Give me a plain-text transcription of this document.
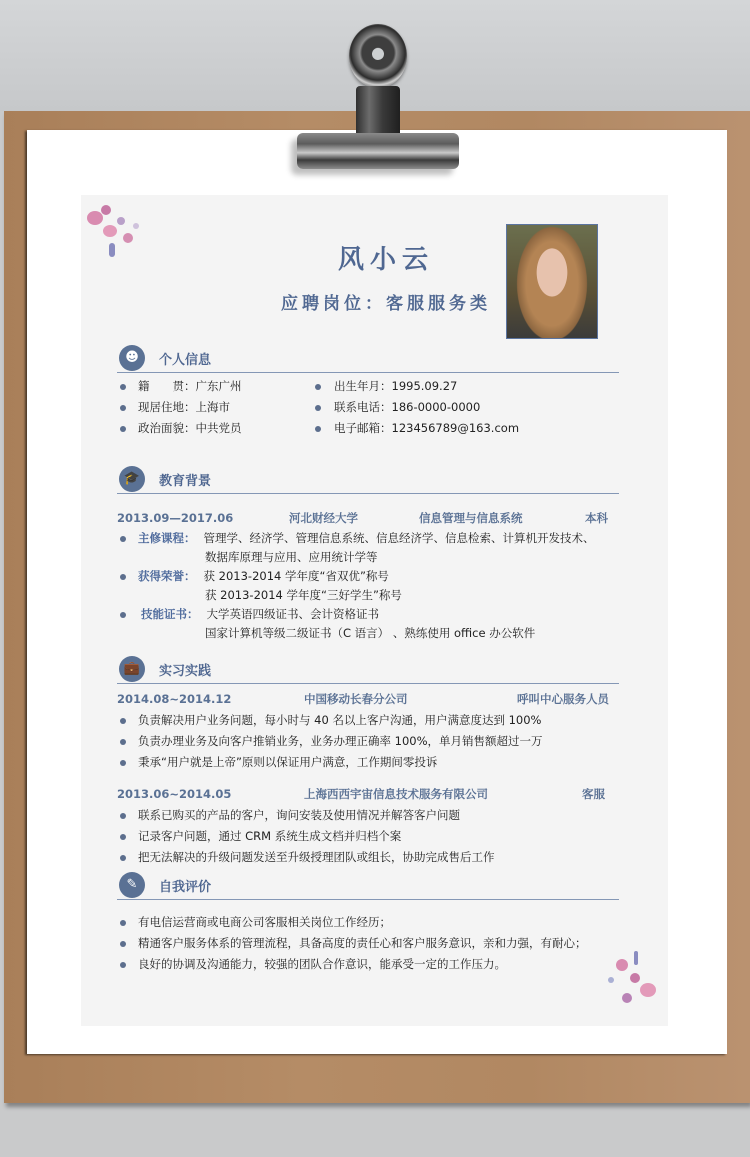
风小云
应聘岗位：客服服务类
☻	个人信息
籍　　贯：广东广州	出生年月：1995.09.27
现居住地：上海市	联系电话：186-0000-0000
政治面貌：中共党员	电子邮箱：123456789@163.com
🎓	教育背景
2013.09—2017.06	河北财经大学	信息管理与信息系统	本科
主修课程： 管理学、经济学、管理信息系统、信息经济学、信息检索、计算机开发技术、
数据库原理与应用、应用统计学等
获得荣誉： 获 2013-2014 学年度“省双优”称号
获 2013-2014 学年度“三好学生”称号
技能证书： 大学英语四级证书、会计资格证书
国家计算机等级二级证书（C 语言） 、熟练使用 office 办公软件
💼	实习实践
2014.08~2014.12	中国移动长春分公司	呼叫中心服务人员
负责解决用户业务问题，每小时与 40 名以上客户沟通，用户满意度达到 100%
负责办理业务及向客户推销业务，业务办理正确率 100%，单月销售额超过一万
秉承“用户就是上帝”原则以保证用户满意，工作期间零投诉
2013.06~2014.05	上海西西宇宙信息技术服务有限公司	客服
联系已购买的产品的客户，询问安装及使用情况并解答客户问题
记录客户问题，通过 CRM 系统生成文档并归档个案
把无法解决的升级问题发送至升级授理团队或组长，协助完成售后工作
✎	自我评价
有电信运营商或电商公司客服相关岗位工作经历；
精通客户服务体系的管理流程，具备高度的责任心和客户服务意识，亲和力强，有耐心；
良好的协调及沟通能力，较强的团队合作意识，能承受一定的工作压力。
